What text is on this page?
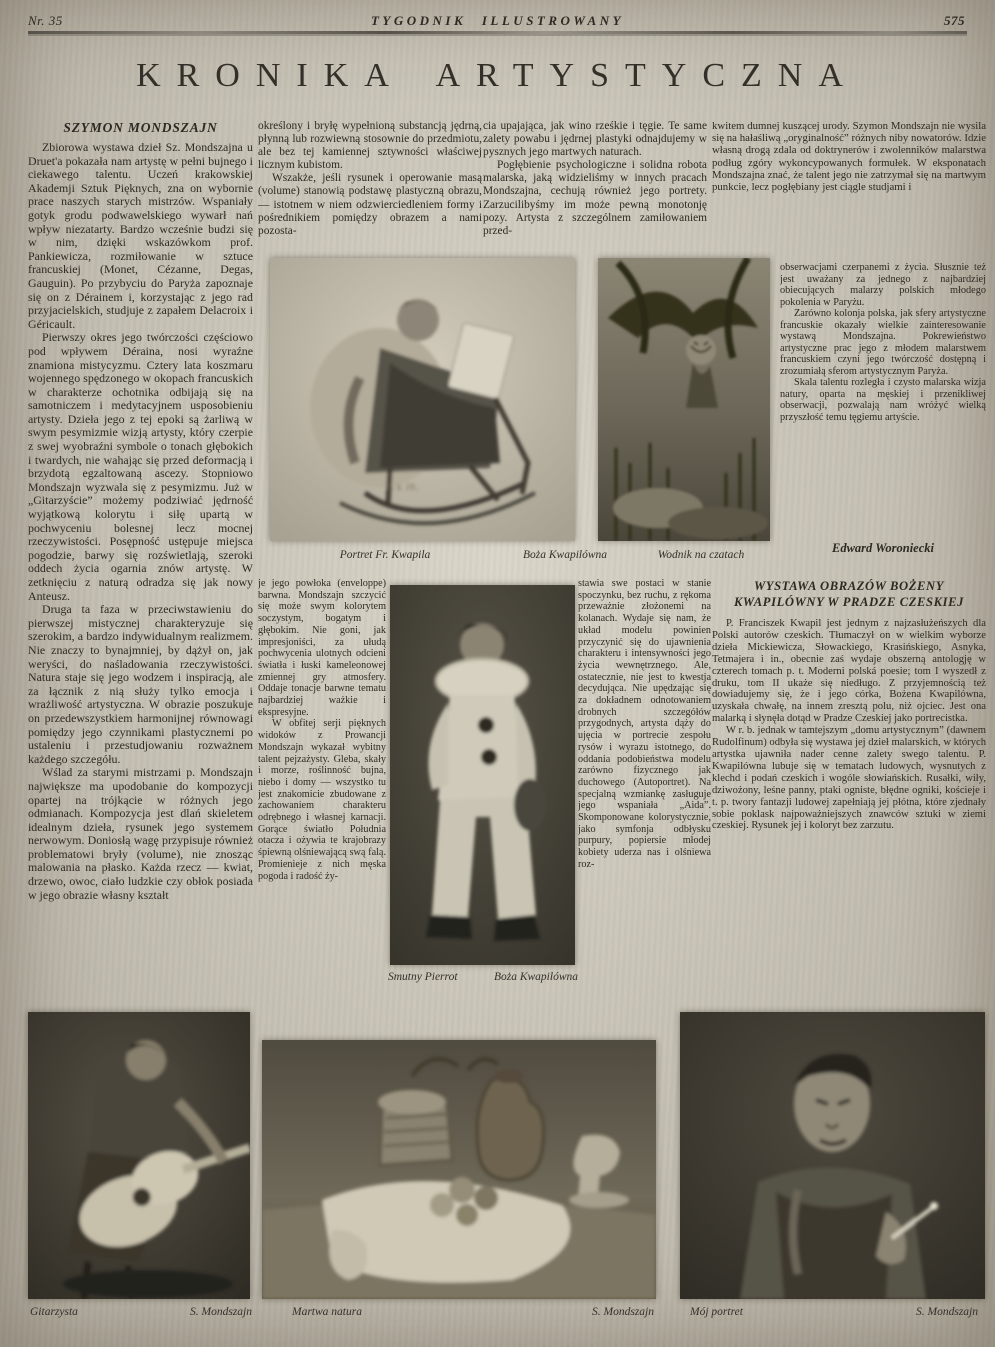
Nr. 35	TYGODNIK ILLUSTROWANY	575
KRONIKA ARTYSTYCZNA
SZYMON MONDSZAJN

Zbiorowa wystawa dzieł Sz. Mondszajna u Druet'a pokazała nam artystę w pełni bujnego i ciekawego talentu. Uczeń krakowskiej Akademji Sztuk Pięknych, zna on wybornie prace naszych starych mistrzów. Wspaniały gotyk grodu podwawelskiego wywarł nań wpływ niezatarty. Bardzo wcześnie budzi się w nim, dzięki wskazówkom prof. Pankiewicza, rozmiłowanie w sztuce francuskiej (Monet, Cézanne, Degas, Gauguin). Po przybyciu do Paryża zapoznaje się on z Dérainem i, korzystając z jego rad przyjacielskich, studjuje z zapałem Delacroix i Géricault.

Pierwszy okres jego twórczości częściowo pod wpływem Déraina, nosi wyraźne znamiona mistycyzmu. Cztery lata koszmaru wojennego spędzonego w okopach francuskich w charakterze ochotnika odbijają się na samotniczem i medytacyjnem usposobieniu artysty. Dzieła jego z tej epoki są żarliwą w swym pesymizmie wizją artysty, który czerpie z swej wyobraźni symbole o tonach głębokich i twardych, nie wahając się przed deformacją i brzydotą egzaltowaną ascezy. Stopniowo Mondszajn wyzwala się z pesymizmu. Już w „Gitarzyście” możemy podziwiać jędrność wyjątkową kolorytu i siłę upartą w pochwyceniu bolesnej lecz mocnej rzeczywistości. Posępność ustępuje miejsca pogodzie, barwy się rozświetlają, szeroki oddech życia ogarnia znów artystę. W zetknięciu z naturą odradza się jak nowy Anteusz.

Druga ta faza w przeciwstawieniu do pierwszej mistycznej charakteryzuje się szerokim, a bardzo indywidualnym realizmem. Nie znaczy to bynajmniej, by dążył on, jak weryści, do naśladowania rzeczywistości. Natura staje się jego wodzem i inspiracją, ale za łącznik z nią służy tylko emocja i wrażliwość artystyczna. W obrazie poszukuje on przedewszystkiem harmonijnej równowagi pomiędzy jego czynnikami plastycznemi po ustaleniu i przestudjowaniu rozważnem każdego szczegółu.

Wślad za starymi mistrzami p. Mondszajn największe ma upodobanie do kompozycji opartej na trójkącie w różnych jego odmianach. Kompozycja jest dlań skieletem idealnym dzieła, rysunek jego systemem nerwowym. Doniosłą wagę przypisuje również problematowi bryły (volume), nie znosząc malowania na płasko. Każda rzecz — kwiat, drzewo, owoc, ciało ludzkie czy obłok posiada w jego obrazie własny kształt

określony i bryłę wypełnioną substancją jędrną, płynną lub rozwiewną stosownie do przedmiotu, ale bez tej kamiennej sztywności właściwej licznym kubistom.

Wszakże, jeśli rysunek i operowanie masą (volume) stanowią podstawę plastyczną obrazu, — istotnem w niem odzwierciedleniem formy i pośrednikiem pomiędzy obrazem a nami pozosta-

cia upajająca, jak wino rześkie i tęgie. Te same zalety powabu i jędrnej plastyki odnajdujemy w pysznych jego martwych naturach.

Pogłębienie psychologiczne i solidna robota malarska, jaką widzieliśmy w innych pracach Mondszajna, cechują również jego portrety. Zarzucilibyśmy im może pewną monotonję pozy. Artysta z szczególnem zamiłowaniem przed-

kwitem dumnej kuszącej urody. Szymon Mondszajn nie wysila się na hałaśliwą „oryginalność” różnych niby nowatorów. Idzie własną drogą zdala od doktrynerów i zwolenników malarstwa podług zgóry wykoncypowanych formułek. W eksponatach Mondszajna znać, że talent jego nie zatrzymał się na martwym punkcie, lecz pogłębiany jest ciągle studjami i

obserwacjami czerpanemi z życia. Słusznie też jest uważany za jednego z najbardziej obiecujących malarzy polskich młodego pokolenia w Paryżu.

Zarówno kolonja polska, jak sfery artystyczne francuskie okazały wielkie zainteresowanie wystawą Mondszajna. Pokrewieństwo artystyczne prac jego z młodem malarstwem francuskiem czyni jego twórczość dostępną i zrozumiałą sferom artystycznym Paryża.

Skala talentu rozległa i czysto malarska wizja natury, oparta na męskiej i przenikliwej obserwacji, pozwalają nam wróżyć wielką przyszłość temu tęgiemu artyście.

Edward Woroniecki
b. k. 19..
Portret Fr. Kwapila	Boża Kwapilówna	Wodnik na czatach

je jego powłoka (enveloppe) barwna. Mondszajn szczycić się może swym kolorytem soczystym, bogatym i głębokim. Nie goni, jak impresjoniści, za ułudą pochwycenia ulotnych odcieni światła i łuski kameleonowej zmiennej gry atmosfery. Oddaje tonacje barwne tematu najbardziej ważkie i ekspresyjne.

W obfitej serji pięknych widoków z Prowancji Mondszajn wykazał wybitny talent pejzażysty. Gleba, skały i morze, roślinność bujna, niebo i domy — wszystko tu jest znakomicie zbudowane z zachowaniem charakteru odrębnego i własnej karnacji. Gorące światło Południa otacza i ożywia te krajobrazy śpiewną olśniewającą swą falą. Promienieje z nich męska pogoda i radość ży-

Smutny Pierrot	Boża Kwapilówna

stawia swe postaci w stanie spoczynku, bez ruchu, z rękoma przeważnie złożonemi na kolanach. Wydaje się nam, że układ modelu powinien przyczynić się do ujawnienia charakteru i intensywności jego życia wewnętrznego. Ale, ostatecznie, nie jest to kwestja decydująca. Nie upędzając się za dokładnem odnotowaniem drobnych szczegółów przygodnych, artysta dąży do ujęcia w portrecie zespołu rysów i wyrazu istotnego, do oddania podobieństwa modelu zarówno fizycznego jak duchowego (Autoportret). Na specjalną wzmiankę zasługuje jego wspaniała „Aida”. Skomponowane kolorystycznie, jako symfonja odbłysku purpury, popiersie młodej kobiety uderza nas i olśniewa roz-

WYSTAWA OBRAZÓW BOŻENY KWAPILÓWNY W PRADZE CZESKIEJ

P. Franciszek Kwapil jest jednym z najzasłużeńszych dla Polski autorów czeskich. Tłumaczył on w wielkim wyborze dzieła Mickiewicza, Słowackiego, Krasińskiego, Asnyka, Tetmajera i in., obecnie zaś wydaje obszerną antologję w czterech tomach p. t. Moderni polská poesie; tom I wyszedł z druku, tom II ukaże się niedługo. Z przyjemnością też dowiadujemy się, że i jego córka, Bożena Kwapilówna, uzyskała chwałę, na innem zresztą polu, niż ojciec. Jest ona malarką i słynęła dotąd w Pradze Czeskiej jako portrecistka.

W r. b. jednak w tamtejszym „domu artystycznym” (dawnem Rudolfinum) odbyła się wystawa jej dzieł malarskich, w których artystka ujawniła nader cenne zalety swego talentu. P. Kwapilówna lubuje się w tematach ludowych, wysnutych z klechd i podań czeskich i wogóle słowiańskich. Rusałki, wiły, dziwożony, leśne panny, ptaki ogniste, błędne ogniki, kościeje i t. p. twory fantazji ludowej zapełniają jej płótna, które zjednały sobie poklask najpoważniejszych znawców sztuki w ziemi czeskiej. Rysunek jej i koloryt bez zarzutu.

Gitarzysta	S. Mondszajn	Martwa natura	S. Mondszajn	Mój portret	S. Mondszajn
